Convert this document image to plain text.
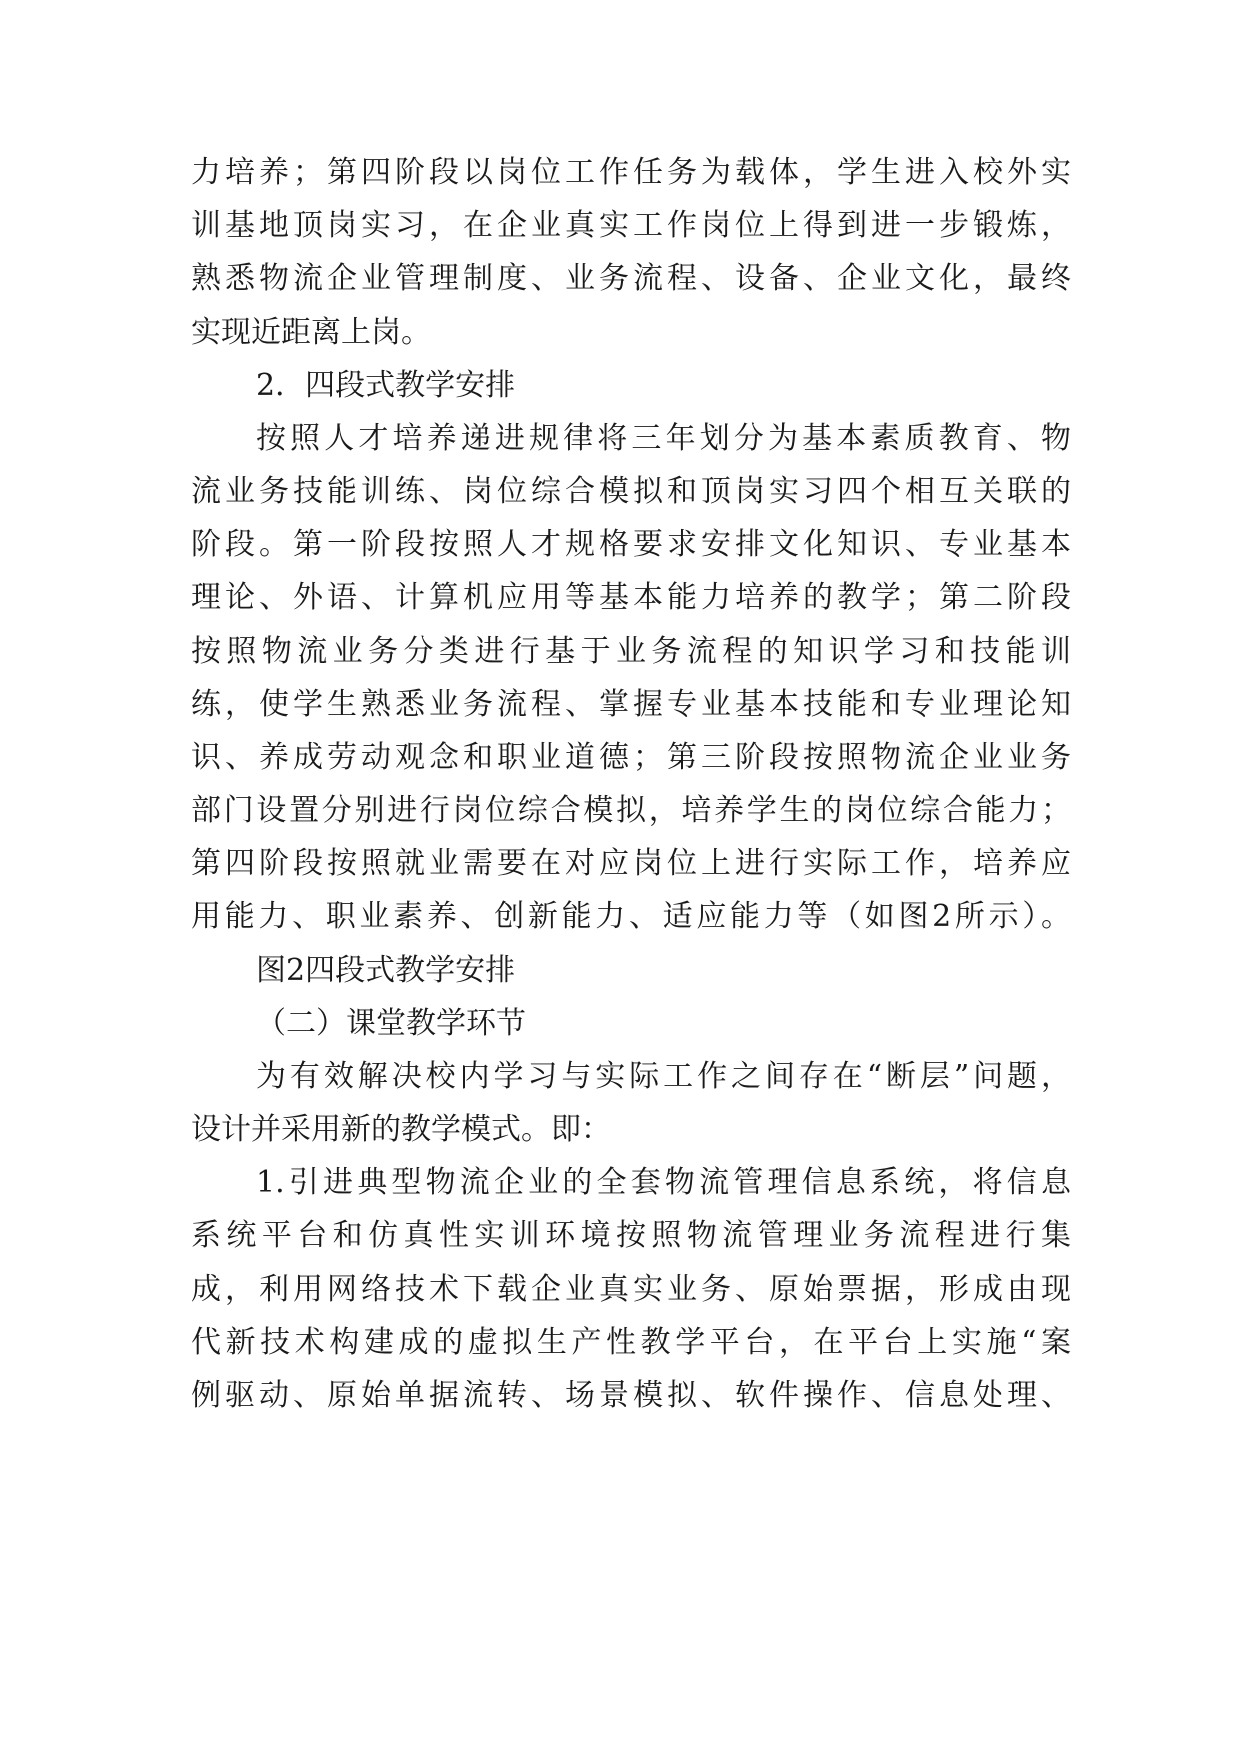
力培养；第四阶段以岗位工作任务为载体，学生进入校外实
训基地顶岗实习，在企业真实工作岗位上得到进一步锻炼，
熟悉物流企业管理制度、业务流程、设备、企业文化，最终
实现近距离上岗。
2．四段式教学安排
按照人才培养递进规律将三年划分为基本素质教育、物
流业务技能训练、岗位综合模拟和顶岗实习四个相互关联的
阶段。第一阶段按照人才规格要求安排文化知识、专业基本
理论、外语、计算机应用等基本能力培养的教学；第二阶段
按照物流业务分类进行基于业务流程的知识学习和技能训
练，使学生熟悉业务流程、掌握专业基本技能和专业理论知
识、养成劳动观念和职业道德；第三阶段按照物流企业业务
部门设置分别进行岗位综合模拟，培养学生的岗位综合能力；
第四阶段按照就业需要在对应岗位上进行实际工作，培养应
用能力、职业素养、创新能力、适应能力等（如图2所示）。
图2四段式教学安排
（二）课堂教学环节
为有效解决校内学习与实际工作之间存在“断层”问题，
设计并采用新的教学模式。即：
1.引进典型物流企业的全套物流管理信息系统，将信息
系统平台和仿真性实训环境按照物流管理业务流程进行集
成，利用网络技术下载企业真实业务、原始票据，形成由现
代新技术构建成的虚拟生产性教学平台，在平台上实施“案
例驱动、原始单据流转、场景模拟、软件操作、信息处理、
